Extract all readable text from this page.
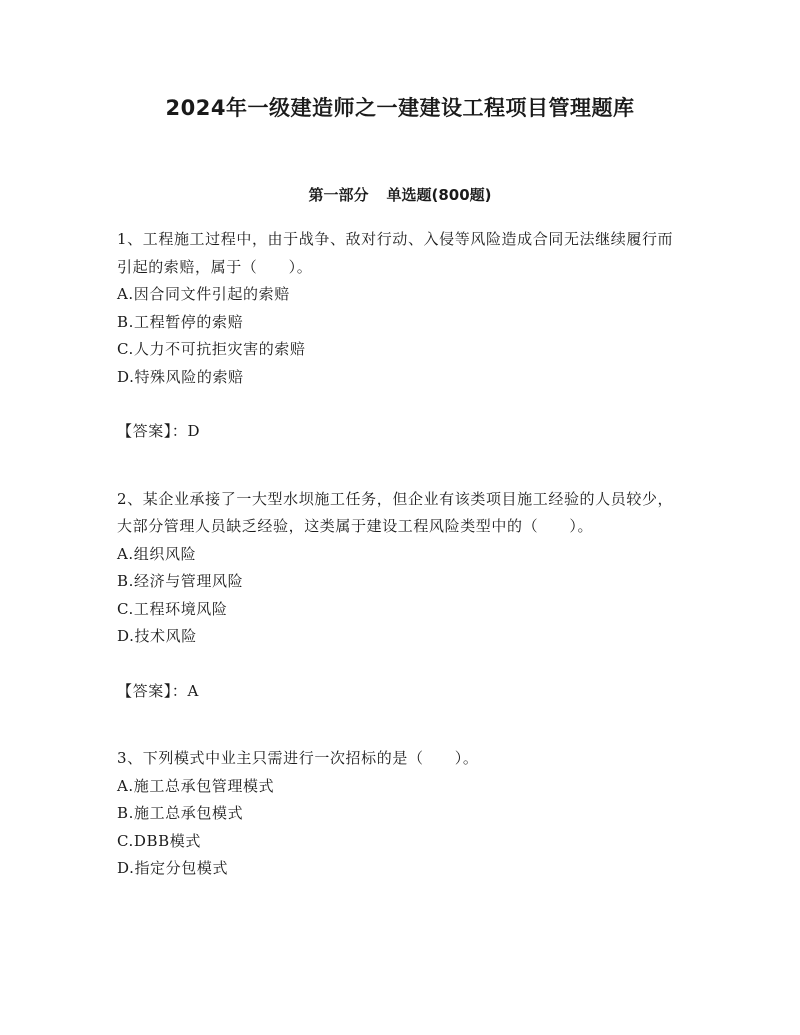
2024年一级建造师之一建建设工程项目管理题库
第一部分 单选题(800题)

1、工程施工过程中，由于战争、敌对行动、入侵等风险造成合同无法继续履行而引起的索赔，属于（　　）。

A.因合同文件引起的索赔
B.工程暂停的索赔
C.人力不可抗拒灾害的索赔
D.特殊风险的索赔
【答案】：D

2、某企业承接了一大型水坝施工任务，但企业有该类项目施工经验的人员较少，大部分管理人员缺乏经验，这类属于建设工程风险类型中的（　　）。

A.组织风险
B.经济与管理风险
C.工程环境风险
D.技术风险
【答案】：A

3、下列模式中业主只需进行一次招标的是（　　）。

A.施工总承包管理模式
B.施工总承包模式
C.DBB模式
D.指定分包模式
